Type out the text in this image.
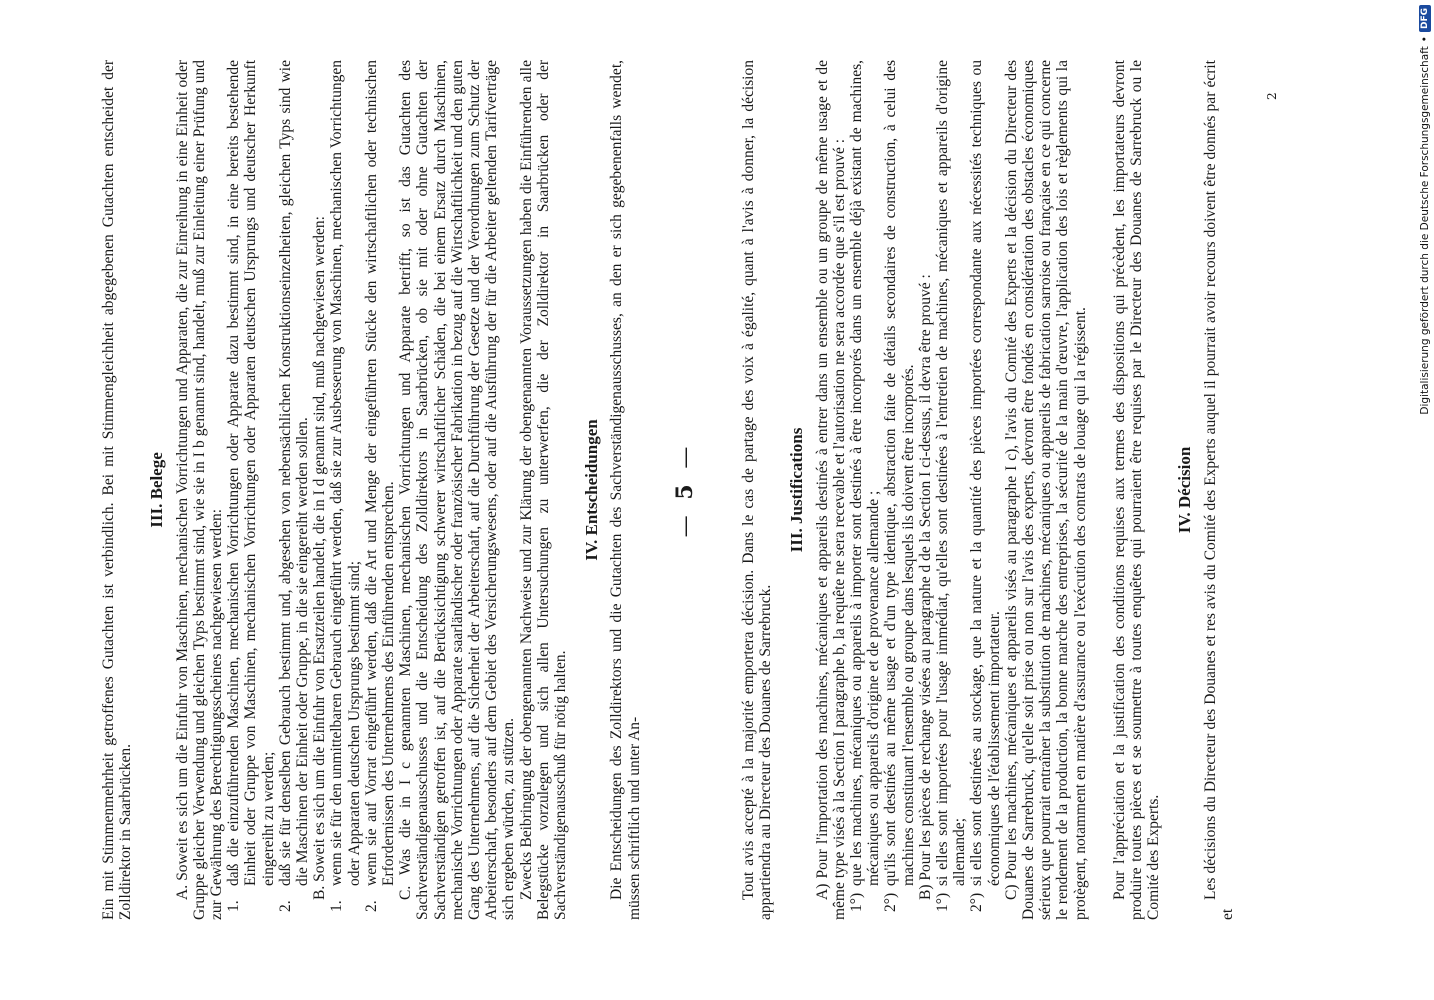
Ein mit Stimmenmehrheit getroffenes Gutachten ist verbindlich. Bei mit Stimmengleichheit abgegebenen Gutachten entscheidet der Zolldirektor in Saarbrücken.

III. Belege A. Soweit es sich um die Einfuhr von Maschinen, mechanischen Vorrichtungen und Apparaten, die zur Einreihung in eine Einheit oder Gruppe gleicher Verwendung und gleichen Typs bestimmt sind, wie sie in I b genannt sind, handelt, muß zur Einleitung einer Prüfung und zur Gewährung des Berechtigungsscheines nachgewiesen werden: 1.
daß die einzuführenden Maschinen, mechanischen Vorrichtungen oder Apparate dazu bestimmt sind, in eine bereits bestehende Einheit oder Gruppe von Maschinen, mechanischen Vorrichtungen oder Apparaten deutschen Ursprungs und deutscher Herkunft eingereiht zu werden;
2.
daß sie für denselben Gebrauch bestimmt und, abgesehen von nebensächlichen Konstruktionseinzelheiten, gleichen Typs sind wie die Maschinen der Einheit oder Gruppe, in die sie eingereiht werden sollen. B. Soweit es sich um die Einfuhr von Ersatzteilen handelt, die in I d genannt sind, muß nachgewiesen werden:

1.
wenn sie für den unmittelbaren Gebrauch eingeführt werden, daß sie zur Ausbesserung von Maschinen, mechanischen Vorrichtungen oder Apparaten deutschen Ursprungs bestimmt sind;
2.
wenn sie auf Vorrat eingeführt werden, daß die Art und Menge der eingeführten Stücke den wirtschaftlichen oder technischen Erfordernissen des Unternehmens des Einführenden entsprechen. C. Was die in I c genannten Maschinen, mechanischen Vorrichtungen und Apparate betrifft, so ist das Gutachten des Sachverständigenausschusses und die Entscheidung des Zolldirektors in Saarbrücken, ob sie mit oder ohne Gutachten der Sachverständigen getroffen ist, auf die Berücksichtigung schwerer wirtschaftlicher Schäden, die bei einem Ersatz durch Maschinen, mechanische Vorrichtungen oder Apparate saarländischer oder französischer Fabrikation in bezug auf die Wirtschaftlichkeit und den guten Gang des Unternehmens, auf die Sicherheit der Arbeiterschaft, auf die Durchführung der Gesetze und der Verordnungen zum Schutz der Arbeiterschaft, besonders auf dem Gebiet des Versicherungswesens, oder auf die Ausführung der für die Arbeiter geltenden Tarifverträge sich ergeben würden, zu stützen. Zwecks Beibringung der obengenannten Nachweise und zur Klärung der obengenannten Voraussetzungen haben die Einführenden alle Belegstücke vorzulegen und sich allen Untersuchungen zu unterwerfen, die der Zolldirektor in Saarbrücken oder der Sachverständigenausschuß für nötig halten.

IV. Entscheidungen Die Entscheidungen des Zolldirektors und die Gutachten des Sachverständigenausschusses, an den er sich gegebenenfalls wendet, müssen schriftlich und unter An-

— 5 —	Tout avis accepté à la majorité emportera décision. Dans le cas de partage des voix à égalité, quant à l'avis à donner, la décision appartiendra au Directeur des Douanes de Sarrebruck.

III. Justifications A) Pour l'importation des machines, mécaniques et appareils destinés à entrer dans un ensemble ou un groupe de même usage et de même type visés à la Section I paragraphe b, la requête ne sera recevable et l'autorisation ne sera accordée que s'il est prouvé : 1°)
que les machines, mécaniques ou appareils à importer sont destinés à être incorporés dans un ensemble déjà existant de machines, mécaniques ou appareils d'origine et de provenance allemande ;
2°)
qu'ils sont destinés au même usage et d'un type identique, abstraction faite de détails secondaires de construction, à celui des machines constituant l'ensemble ou groupe dans lesquels ils doivent être incorporés. B) Pour les pièces de rechange visées au paragraphe d de la Section I ci-dessus, il devra être prouvé :

1°)
si elles sont importées pour l'usage immédiat, qu'elles sont destinées à l'entretien de machines, mécaniques et appareils d'origine allemande;
2°)
si elles sont destinées au stockage, que la nature et la quantité des pièces importées correspondante aux nécessités techniques ou économiques de l'établissement importateur. C) Pour les machines, mécaniques et appareils visés au paragraphe I c), l'avis du Comité des Experts et la décision du Directeur des Douanes de Sarrebruck, qu'elle soit prise ou non sur l'avis des experts, devront être fondés en considération des obstacles économiques sérieux que pourrait entraîner la substitution de machines, mécaniques ou appareils de fabrication sarroise ou française en ce qui concerne le rendement de la production, la bonne marche des entreprises, la sécurité de la main d'œuvre, l'application des lois et règlements qui la protègent, notamment en matière d'assurance ou l'exécution des contrats de louage qui la régissent. Pour l'appréciation et la justification des conditions requises aux termes des dispositions qui précèdent, les importateurs devront produire toutes pièces et se soumettre à toutes enquêtes qui pourraient être requises par le Directeur des Douanes de Sarrebruck ou le Comité des Experts.

IV. Décision Les décisions du Directeur des Douanes et res avis du Comité des Experts auquel il pourrait avoir recours doivent être donnés par écrit et

2	Digitalisierung gefördert durch die Deutsche Forschungsgemeinschaft
•
DFG
